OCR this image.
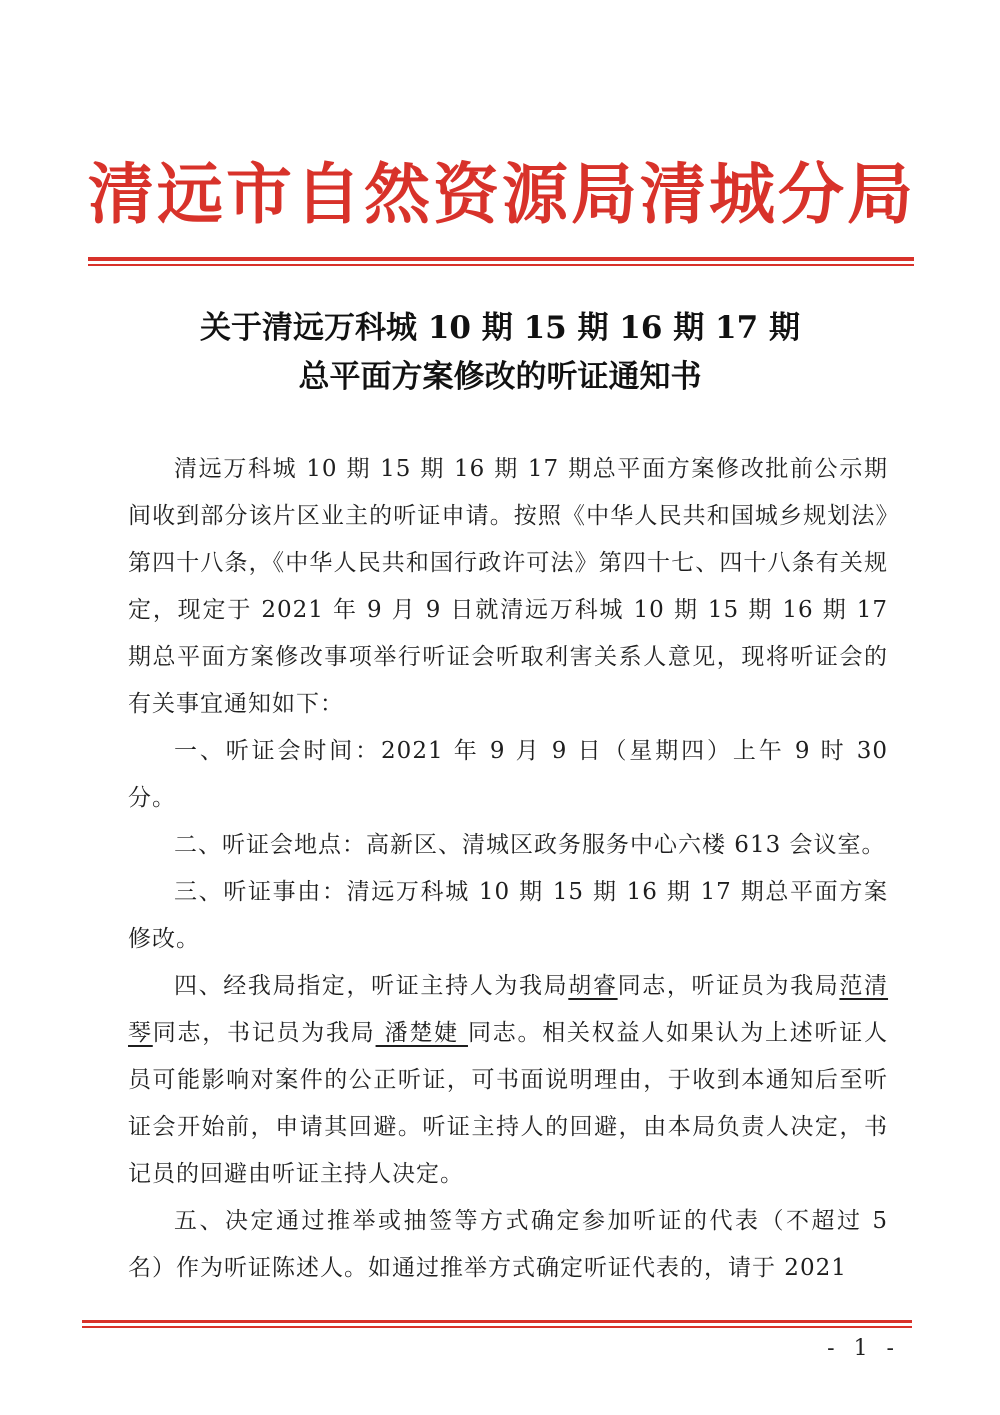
清远市自然资源局清城分局
关于清远万科城 10 期 15 期 16 期 17 期
总平面方案修改的听证通知书

清远万科城 10 期 15 期 16 期 17 期总平面方案修改批前公示期间收到部分该片区业主的听证申请。按照《中华人民共和国城乡规划法》第四十八条，《中华人民共和国行政许可法》第四十七、四十八条有关规定，现定于 2021 年 9 月 9 日就清远万科城 10 期 15 期 16 期 17 期总平面方案修改事项举行听证会听取利害关系人意见，现将听证会的有关事宜通知如下：

一、听证会时间：2021 年 9 月 9 日（星期四）上午 9 时 30 分。

二、听证会地点：高新区、清城区政务服务中心六楼 613 会议室。

三、听证事由：清远万科城 10 期 15 期 16 期 17 期总平面方案修改。

四、经我局指定，听证主持人为我局胡睿同志，听证员为我局范清琴同志，书记员为我局 潘楚婕 同志。相关权益人如果认为上述听证人员可能影响对案件的公正听证，可书面说明理由，于收到本通知后至听证会开始前，申请其回避。听证主持人的回避，由本局负责人决定，书记员的回避由听证主持人决定。

五、决定通过推举或抽签等方式确定参加听证的代表（不超过 5 名）作为听证陈述人。如通过推举方式确定听证代表的，请于 2021

- 1 -
